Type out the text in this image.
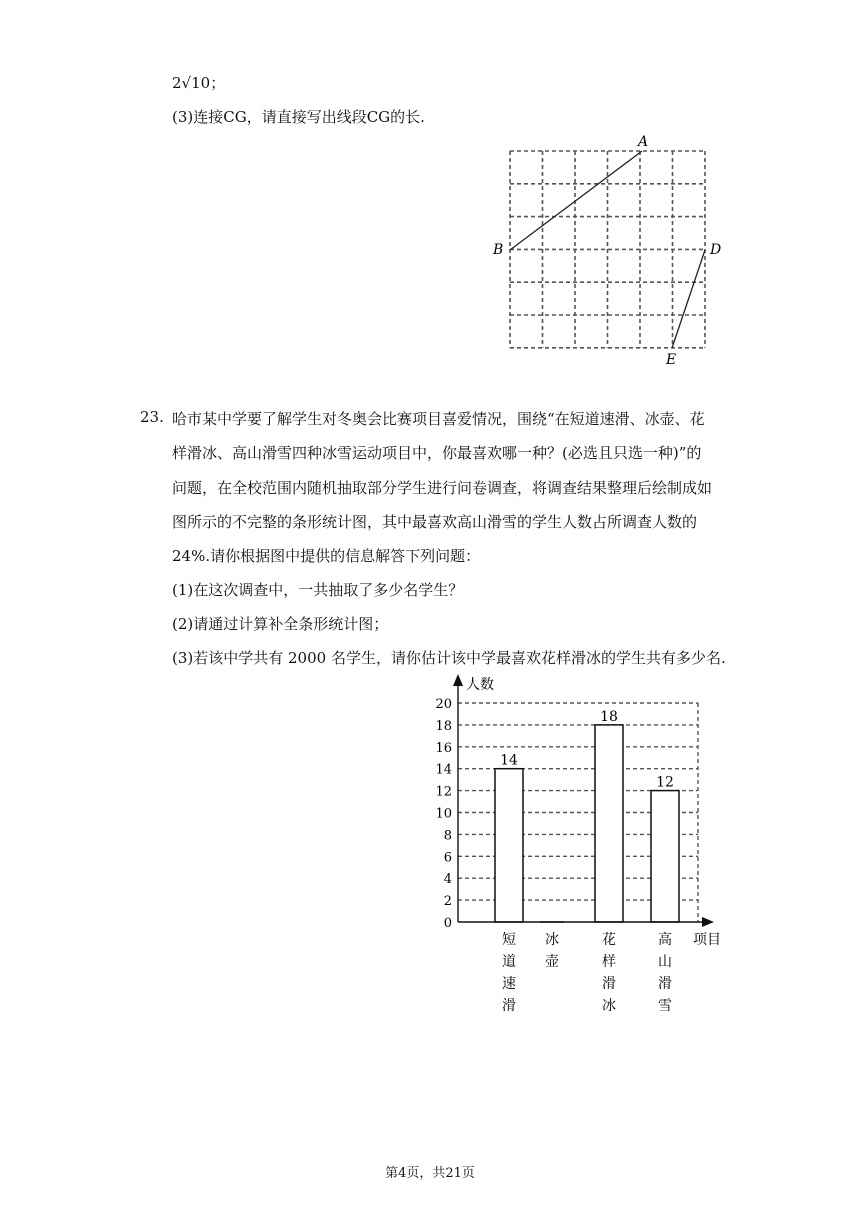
2√10；
(3)连接CG，请直接写出线段CG的长.
A
B	D
E
23. 哈市某中学要了解学生对冬奥会比赛项目喜爱情况，围绕“在短道速滑、冰壶、花
样滑冰、高山滑雪四种冰雪运动项目中，你最喜欢哪一种？(必选且只选一种)”的
问题，在全校范围内随机抽取部分学生进行问卷调查，将调查结果整理后绘制成如
图所示的不完整的条形统计图，其中最喜欢高山滑雪的学生人数占所调查人数的
24%.请你根据图中提供的信息解答下列问题：
(1)在这次调查中，一共抽取了多少名学生？
(2)请通过计算补全条形统计图；
(3)若该中学共有 2000 名学生，请你估计该中学最喜欢花样滑冰的学生共有多少名.
14
18
12
0
2
4
6
8
10
12
14
16
18
20
短道速滑
冰壶
花样滑冰
高山滑雪
人数
项目
第4页，共21页
